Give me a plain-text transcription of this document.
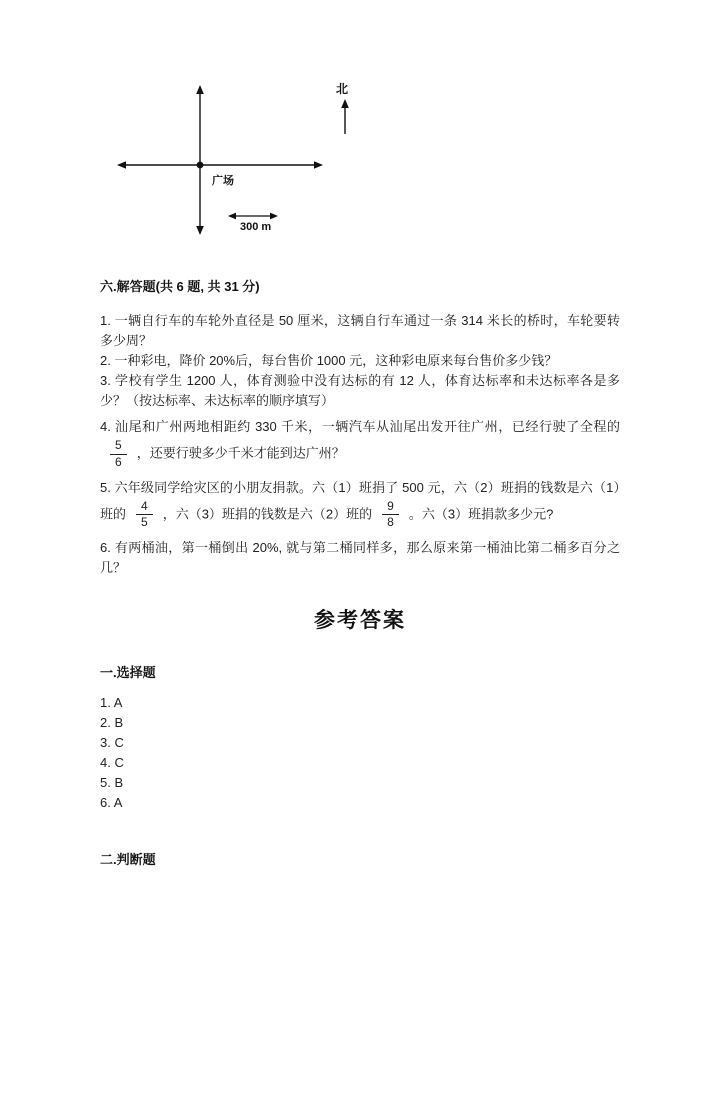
北
广场
300 m

六.解答题(共 6 题, 共 31 分)

1. 一辆自行车的车轮外直径是 50 厘米，这辆自行车通过一条 314 米长的桥时，车轮要转多少周？

2. 一种彩电，降价 20%后，每台售价 1000 元，这种彩电原来每台售价多少钱？

3. 学校有学生 1200 人，体育测验中没有达标的有 12 人，体育达标率和未达标率各是多少？（按达标率、未达标率的顺序填写）

4. 汕尾和广州两地相距约 330 千米，一辆汽车从汕尾出发开往广州，已经行驶了全程的
$\frac{5}{6}$ ，还要行驶多少千米才能到达广州？

5. 六年级同学给灾区的小朋友捐款。六（1）班捐了 500 元，六（2）班捐的钱数是六（1）班的 $\frac{4}{5}$ ，六（3）班捐的钱数是六（2）班的 $\frac{9}{8}$ 。六（3）班捐款多少元?

6. 有两桶油，第一桶倒出 20%, 就与第二桶同样多，那么原来第一桶油比第二桶多百分之几？

参考答案

一.选择题

1. A
2. B
3. C
4. C
5. B
6. A

二.判断题
